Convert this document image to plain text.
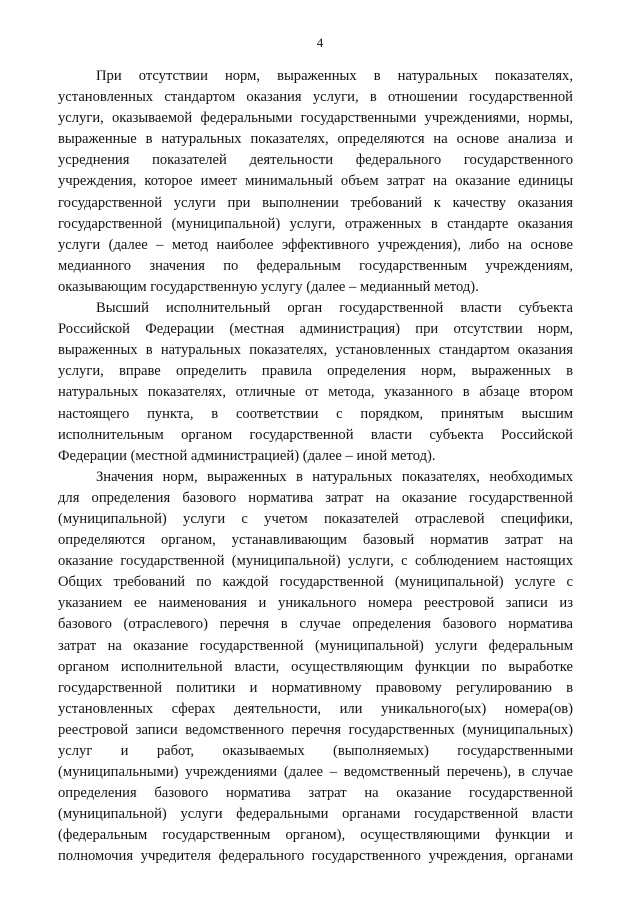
4
При отсутствии норм, выраженных в натуральных показателях,
установленных стандартом оказания услуги, в отношении государственной
услуги, оказываемой федеральными государственными учреждениями, нормы,
выраженные в натуральных показателях, определяются на основе анализа и
усреднения показателей деятельности федерального государственного
учреждения, которое имеет минимальный объем затрат на оказание единицы
государственной услуги при выполнении требований к качеству оказания
государственной (муниципальной) услуги, отраженных в стандарте оказания
услуги (далее – метод наиболее эффективного учреждения), либо на основе
медианного значения по федеральным государственным учреждениям,
оказывающим государственную услугу (далее – медианный метод).
Высший исполнительный орган государственной власти субъекта
Российской Федерации (местная администрация) при отсутствии норм,
выраженных в натуральных показателях, установленных стандартом оказания
услуги, вправе определить правила определения норм, выраженных в
натуральных показателях, отличные от метода, указанного в абзаце втором
настоящего пункта, в соответствии с порядком, принятым высшим
исполнительным органом государственной власти субъекта Российской
Федерации (местной администрацией) (далее – иной метод).
Значения норм, выраженных в натуральных показателях, необходимых
для определения базового норматива затрат на оказание государственной
(муниципальной) услуги с учетом показателей отраслевой специфики,
определяются органом, устанавливающим базовый норматив затрат на
оказание государственной (муниципальной) услуги, с соблюдением настоящих
Общих требований по каждой государственной (муниципальной) услуге с
указанием ее наименования и уникального номера реестровой записи из
базового (отраслевого) перечня в случае определения базового норматива
затрат на оказание государственной (муниципальной) услуги федеральным
органом исполнительной власти, осуществляющим функции по выработке
государственной политики и нормативному правовому регулированию в
установленных сферах деятельности, или уникального(ых) номера(ов)
реестровой записи ведомственного перечня государственных (муниципальных)
услуг и работ, оказываемых (выполняемых) государственными
(муниципальными) учреждениями (далее – ведомственный перечень), в случае
определения базового норматива затрат на оказание государственной
(муниципальной) услуги федеральными органами государственной власти
(федеральным государственным органом), осуществляющими функции и
полномочия учредителя федерального государственного учреждения, органами
